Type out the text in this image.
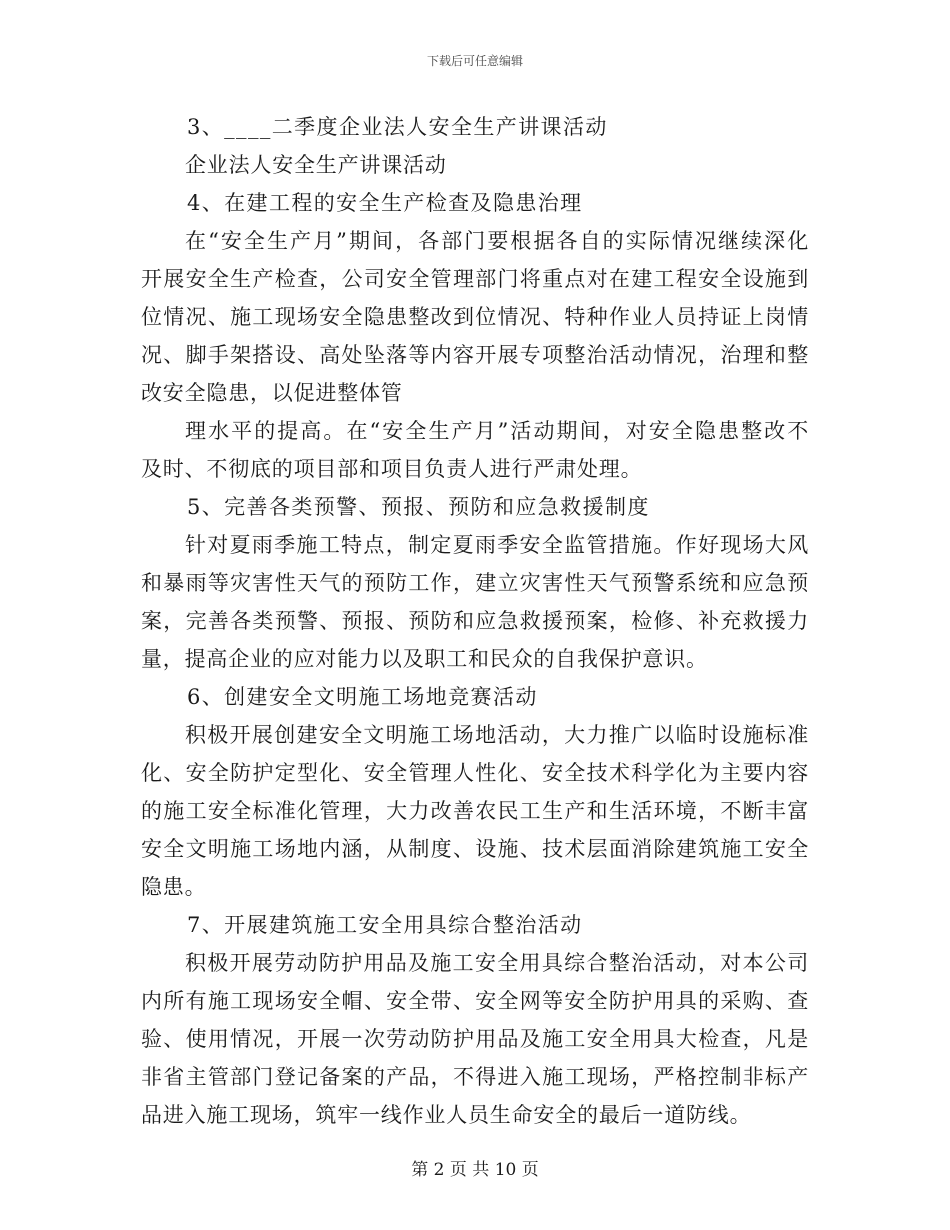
下载后可任意编辑
3、____二季度企业法人安全生产讲课活动
企业法人安全生产讲课活动
4、在建工程的安全生产检查及隐患治理
在“安全生产月”期间，各部门要根据各自的实际情况继续深化
开展安全生产检查，公司安全管理部门将重点对在建工程安全设施到
位情况、施工现场安全隐患整改到位情况、特种作业人员持证上岗情
况、脚手架搭设、高处坠落等内容开展专项整治活动情况，治理和整
改安全隐患，以促进整体管
理水平的提高。在“安全生产月”活动期间，对安全隐患整改不
及时、不彻底的项目部和项目负责人进行严肃处理。
5、完善各类预警、预报、预防和应急救援制度
针对夏雨季施工特点，制定夏雨季安全监管措施。作好现场大风
和暴雨等灾害性天气的预防工作，建立灾害性天气预警系统和应急预
案，完善各类预警、预报、预防和应急救援预案，检修、补充救援力
量，提高企业的应对能力以及职工和民众的自我保护意识。
6、创建安全文明施工场地竞赛活动
积极开展创建安全文明施工场地活动，大力推广以临时设施标准
化、安全防护定型化、安全管理人性化、安全技术科学化为主要内容
的施工安全标准化管理，大力改善农民工生产和生活环境，不断丰富
安全文明施工场地内涵，从制度、设施、技术层面消除建筑施工安全
隐患。
7、开展建筑施工安全用具综合整治活动
积极开展劳动防护用品及施工安全用具综合整治活动，对本公司
内所有施工现场安全帽、安全带、安全网等安全防护用具的采购、查
验、使用情况，开展一次劳动防护用品及施工安全用具大检查，凡是
非省主管部门登记备案的产品，不得进入施工现场，严格控制非标产
品进入施工现场，筑牢一线作业人员生命安全的最后一道防线。
第 2 页 共 10 页
